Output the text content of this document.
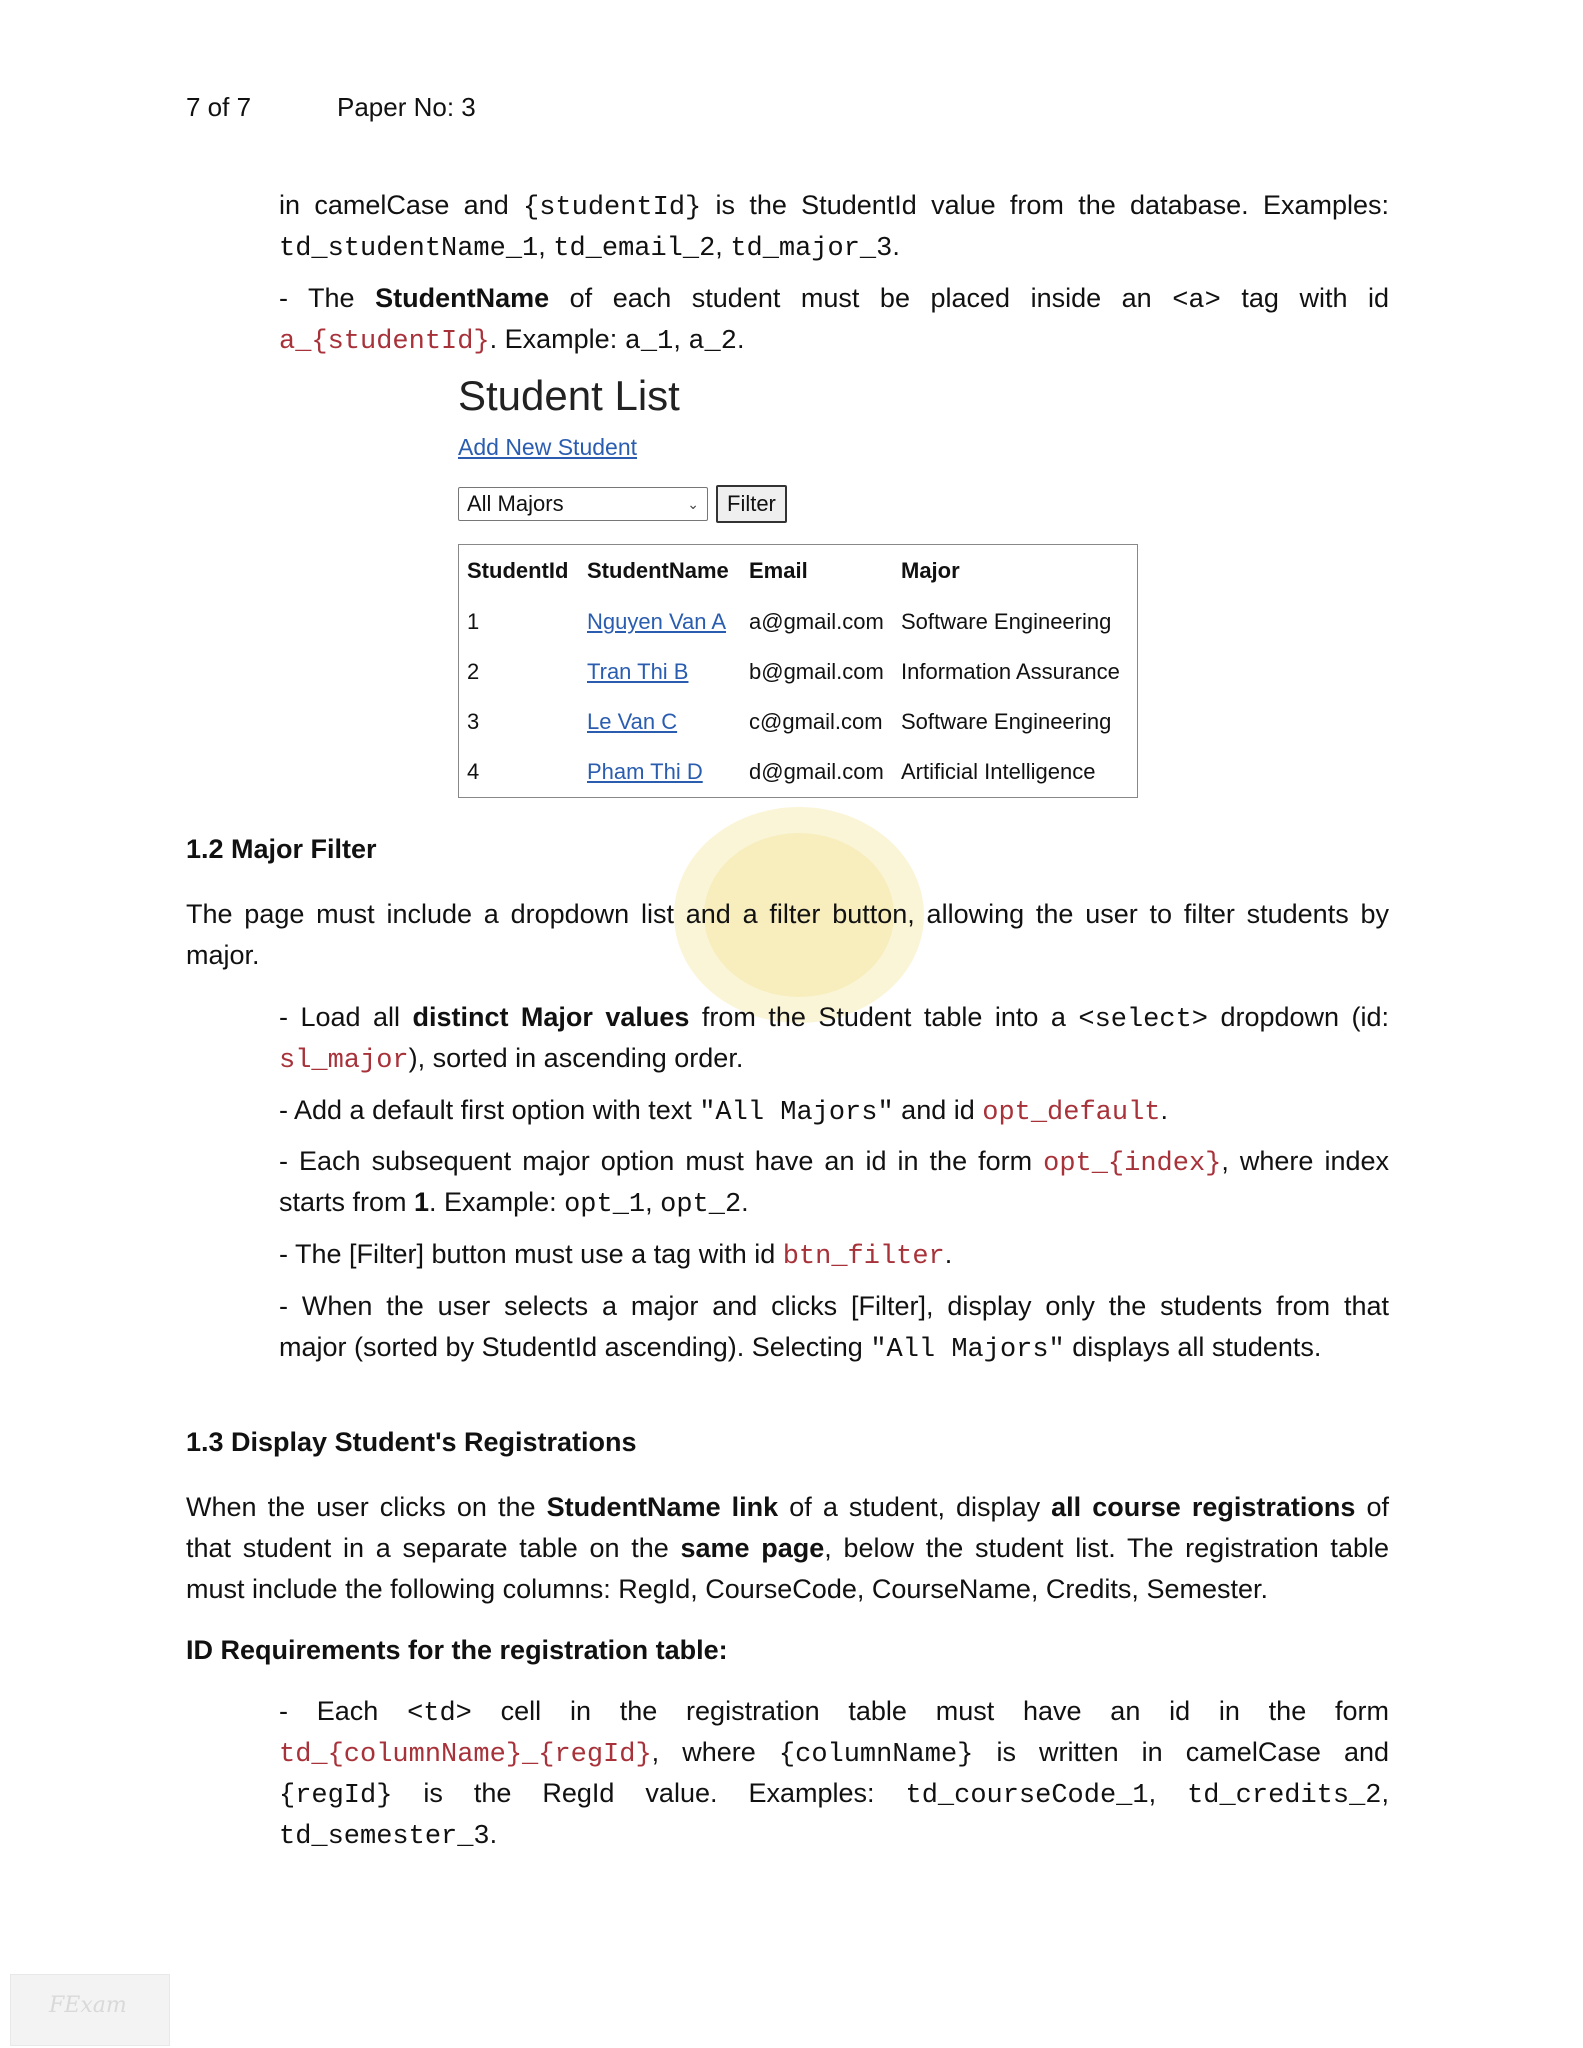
7 of 7	Paper No: 3
in camelCase and {studentId} is the StudentId value from the database. Examples:
td_studentName_1, td_email_2, td_major_3.
- The StudentName of each student must be placed inside an <a> tag with id
a_{studentId}. Example: a_1, a_2.
Student List
Add New Student
All Majors	⌄	Filter
StudentId	StudentName	Email	Major
1	Nguyen Van A	a@gmail.com	Software Engineering
2	Tran Thi B	b@gmail.com	Information Assurance
3	Le Van C	c@gmail.com	Software Engineering
4	Pham Thi D	d@gmail.com	Artificial Intelligence
1.2 Major Filter
The page must include a dropdown list and a filter button, allowing the user to filter students by
major.
- Load all distinct Major values from the Student table into a <select> dropdown (id:
sl_major), sorted in ascending order.
- Add a default first option with text "All Majors" and id opt_default.
- Each subsequent major option must have an id in the form opt_{index}, where index
starts from 1. Example: opt_1, opt_2.
- The [Filter] button must use a tag with id btn_filter.
- When the user selects a major and clicks [Filter], display only the students from that
major (sorted by StudentId ascending). Selecting "All Majors" displays all students.
1.3 Display Student's Registrations
When the user clicks on the StudentName link of a student, display all course registrations of
that student in a separate table on the same page, below the student list. The registration table
must include the following columns: RegId, CourseCode, CourseName, Credits, Semester.
ID Requirements for the registration table:
- Each <td> cell in the registration table must have an id in the form
td_{columnName}_{regId}, where {columnName} is written in camelCase and
{regId} is the RegId value. Examples: td_courseCode_1, td_credits_2,
td_semester_3.
FExam
